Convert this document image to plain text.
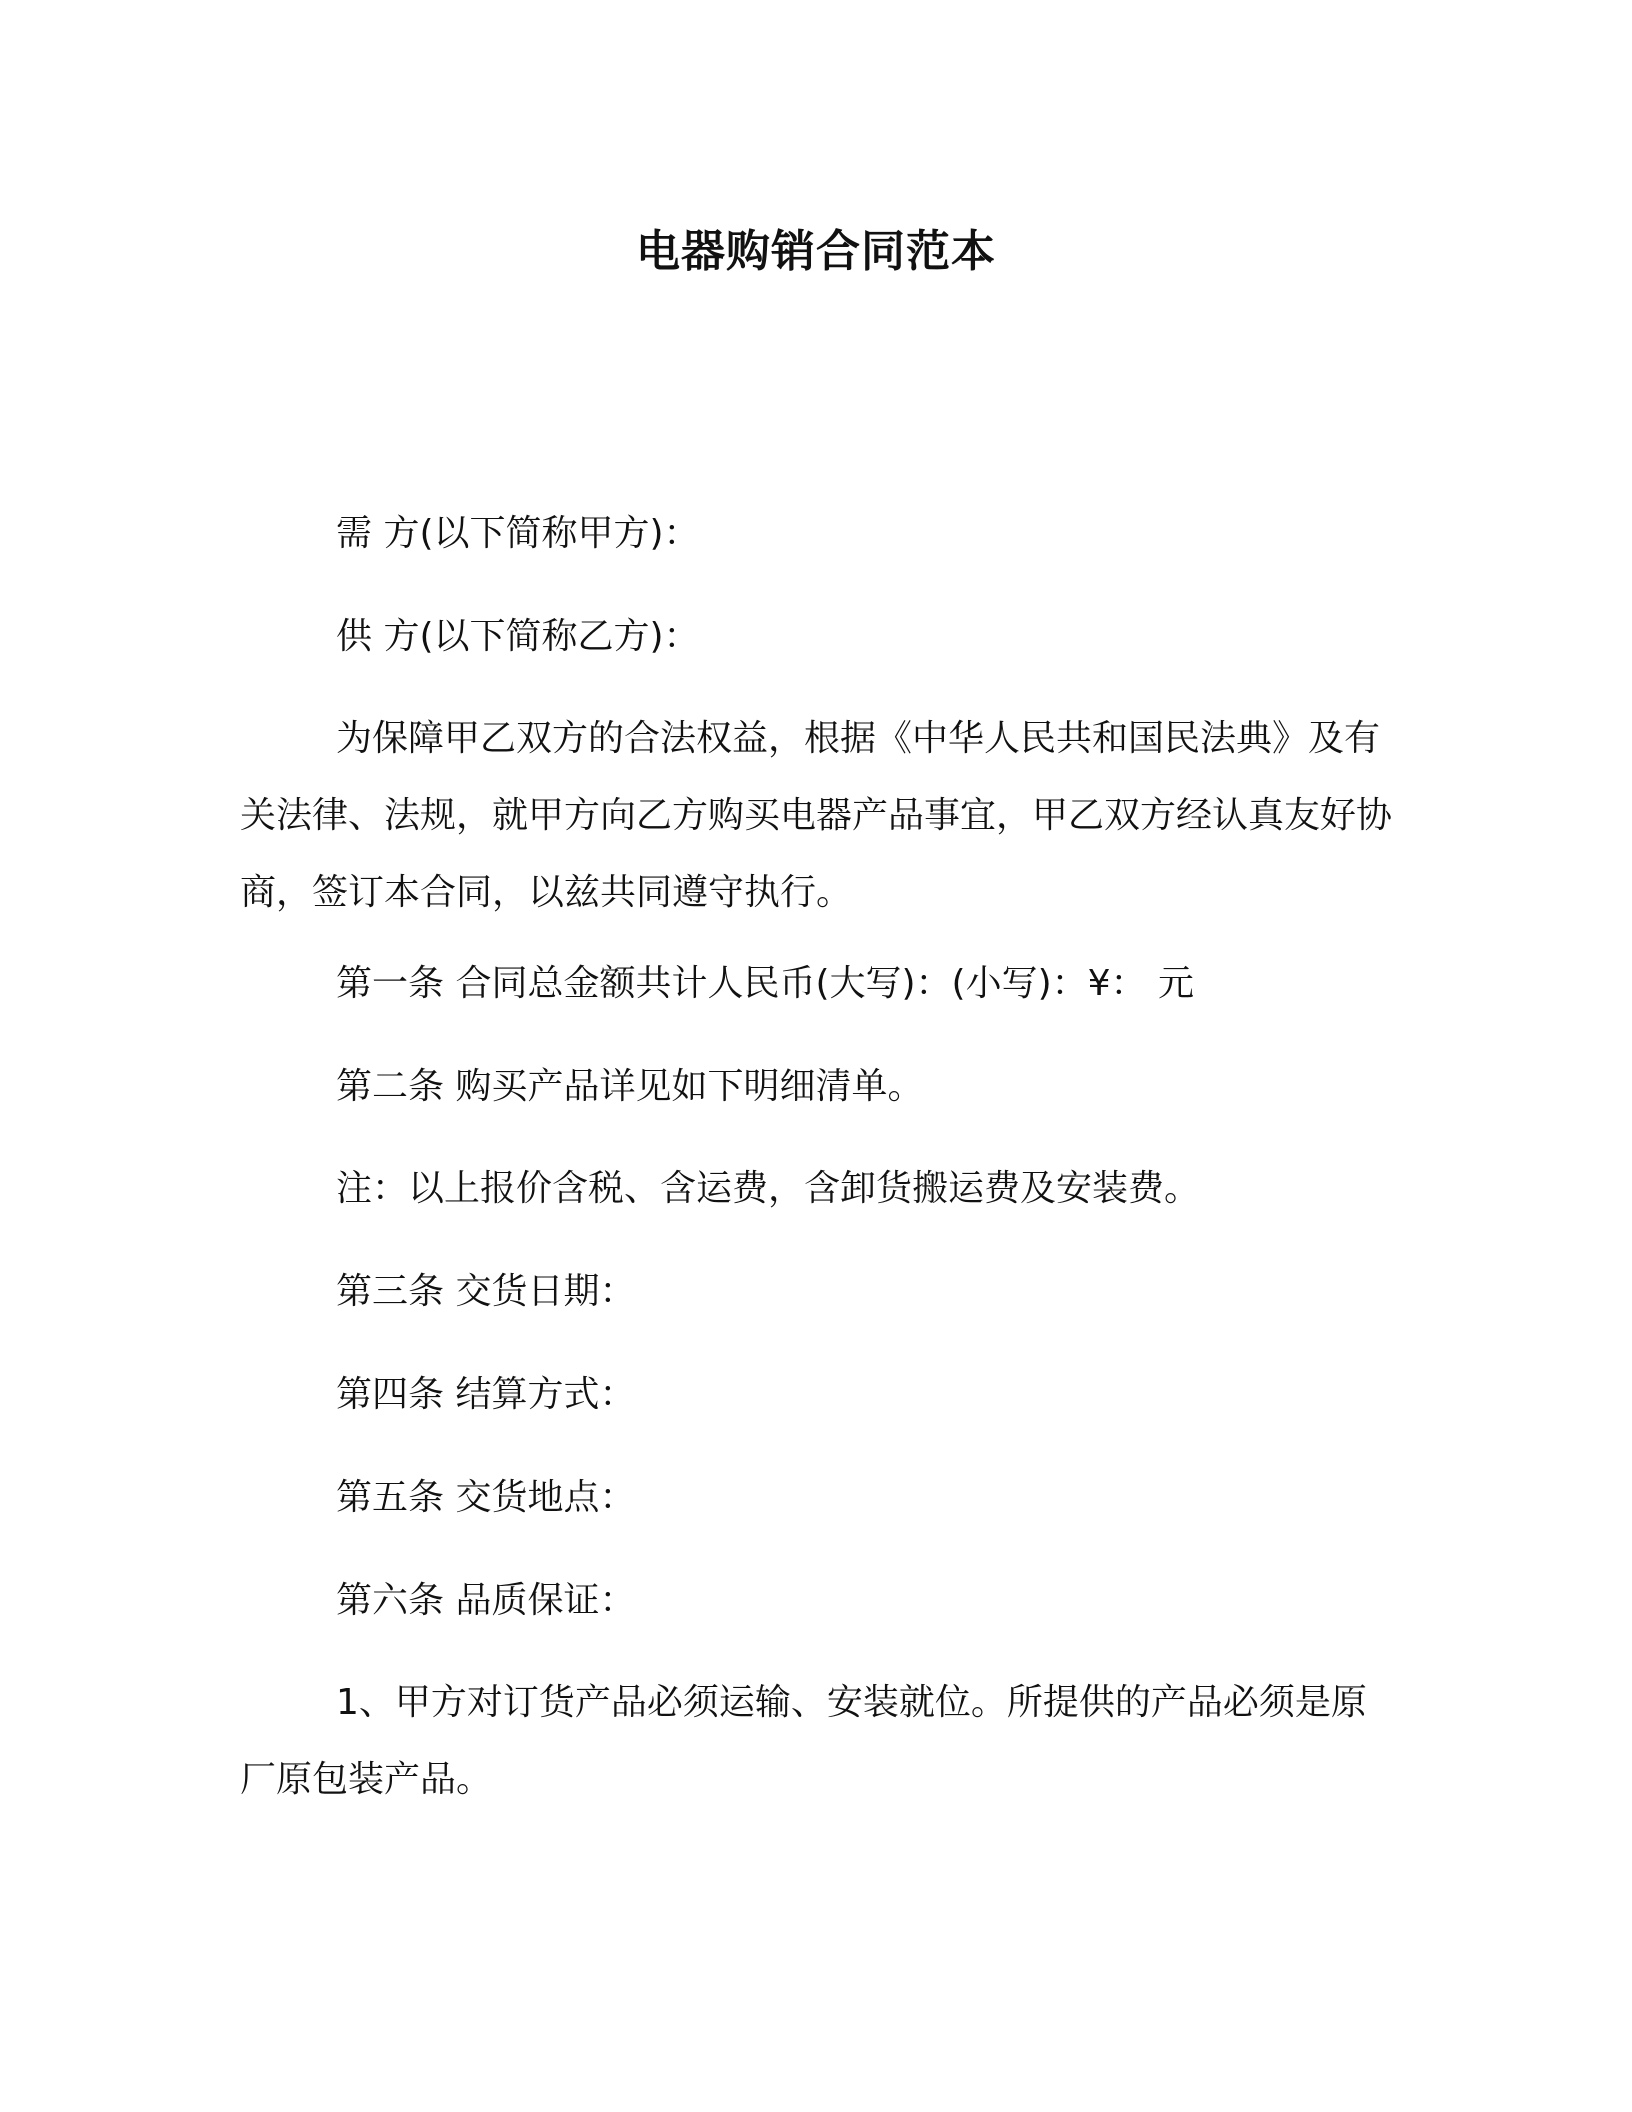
电器购销合同范本
需 方(以下简称甲方)：
供 方(以下简称乙方)：
为保障甲乙双方的合法权益，根据《中华人民共和国民法典》及有关法律、法规，就甲方向乙方购买电器产品事宜，甲乙双方经认真友好协商，签订本合同，以兹共同遵守执行。
第一条 合同总金额共计人民币(大写)：(小写)：¥： 元
第二条 购买产品详见如下明细清单。
注：以上报价含税、含运费，含卸货搬运费及安装费。
第三条 交货日期：
第四条 结算方式：
第五条 交货地点：
第六条 品质保证：
1、甲方对订货产品必须运输、安装就位。所提供的产品必须是原厂原包装产品。
